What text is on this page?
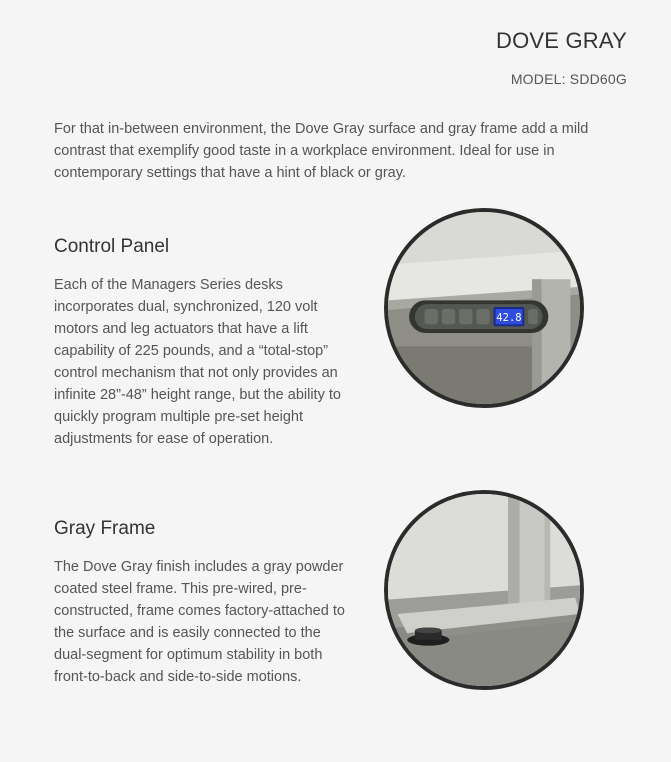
DOVE GRAY
MODEL: SDD60G

For that in-between environment, the Dove Gray surface and gray frame add a mild contrast that exemplify good taste in a workplace environment. Ideal for use in contemporary settings that have a hint of black or gray.

Control Panel

Each of the Managers Series desks incorporates dual, synchronized, 120 volt motors and leg actuators that have a lift capability of 225 pounds, and a “total-stop” control mechanism that not only provides an infinite 28”-48” height range, but the ability to quickly program multiple pre-set height adjustments for ease of operation.

42.8
Gray Frame

The Dove Gray finish includes a gray powder coated steel frame. This pre-wired, pre-constructed, frame comes factory-attached to the surface and is easily connected to the dual-segment for optimum stability in both front-to-back and side-to-side motions.
